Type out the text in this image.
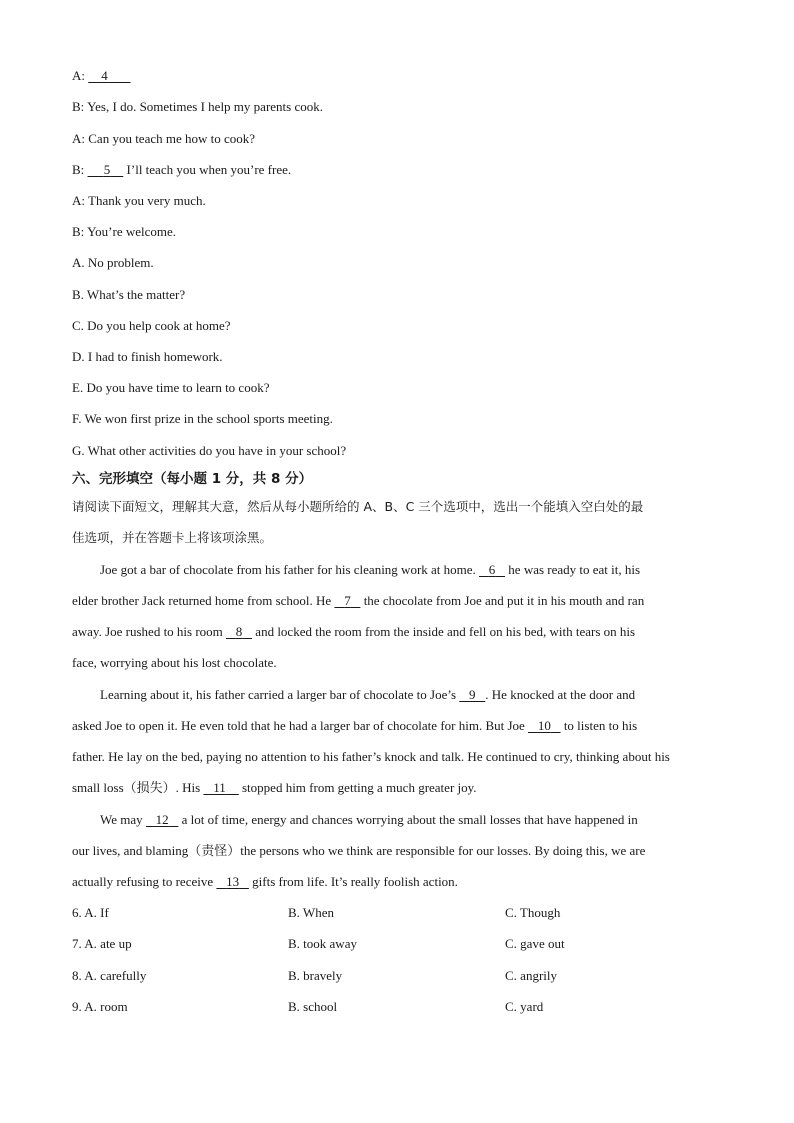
A: 4
B: Yes, I do. Sometimes I help my parents cook.
A: Can you teach me how to cook?
B: 5     I’ll teach you when you’re free.
A: Thank you very much.
B: You’re welcome.
A. No problem.
B. What’s the matter?
C. Do you help cook at home?
D. I had to finish homework.
E. Do you have time to learn to cook?
F. We won first prize in the school sports meeting.
G. What other activities do you have in your school?
六、完形填空（每小题 1 分，共 8 分）
请阅读下面短文，理解其大意，然后从每小题所给的 A、B、C 三个选项中，选出一个能填入空白处的最
佳选项，并在答题卡上将该项涂黑。
Joe got a bar of chocolate from his father for his cleaning work at home.    6    he was ready to eat it, his
elder brother Jack returned home from school. He    7    the chocolate from Joe and put it in his mouth and ran
away. Joe rushed to his room    8    and locked the room from the inside and fell on his bed, with tears on his
face, worrying about his lost chocolate.
Learning about it, his father carried a larger bar of chocolate to Joe’s    9 . He knocked at the door and
asked Joe to open it. He even told that he had a larger bar of chocolate for him. But Joe    10    to listen to his
father. He lay on the bed, paying no attention to his father’s knock and talk. He continued to cry, thinking about his
small loss（损失）. His    11     stopped him from getting a much greater joy.
We may    12    a lot of time, energy and chances worrying about the small losses that have happened in
our lives, and blaming（责怪）the persons who we think are responsible for our losses. By doing this, we are
actually refusing to receive    13    gifts from life. It’s really foolish action.
6. A. If	B. When	C. Though
7. A. ate up	B. took away	C. gave out
8. A. carefully	B. bravely	C. angrily
9. A. room	B. school	C. yard
